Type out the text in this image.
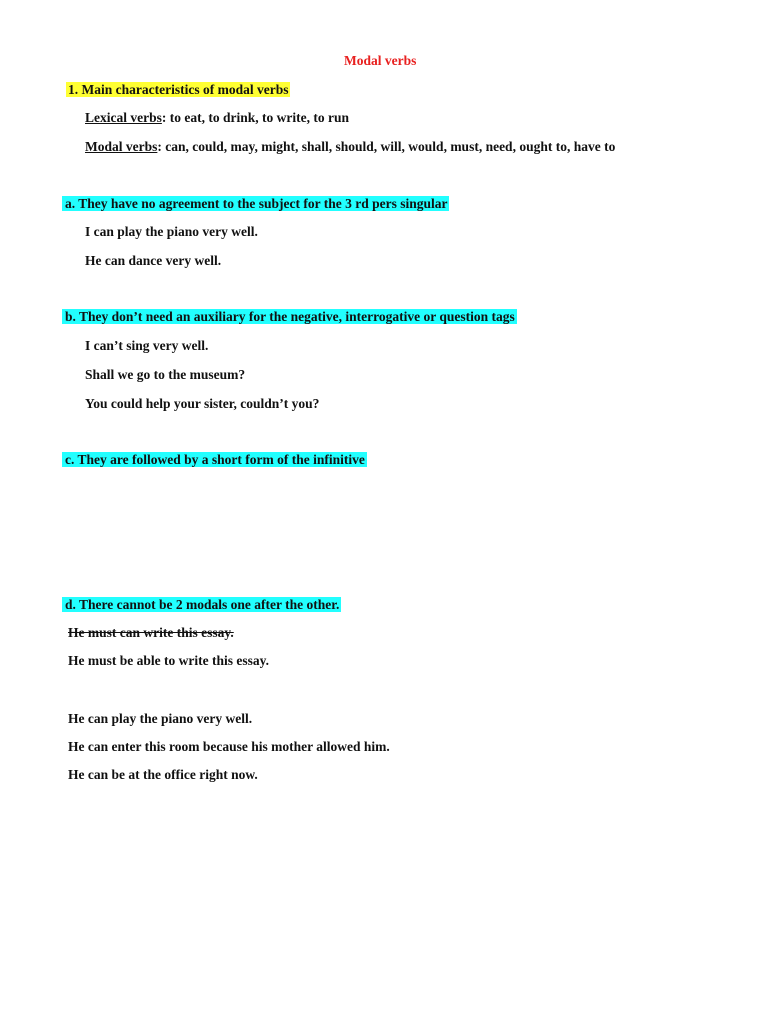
Modal verbs
1. Main characteristics of modal verbs
Lexical verbs: to eat, to drink, to write, to run
Modal verbs: can, could, may, might, shall, should, will, would, must, need, ought to, have to
a. They have no agreement to the subject for the 3 rd pers singular
I can play the piano very well.
He can dance very well.
b. They don’t need an auxiliary for the negative, interrogative or question tags
I can’t sing very well.
Shall we go to the museum?
You could help your sister, couldn’t you?
c. They are followed by a short form of the infinitive
d. There cannot be 2 modals one after the other.
He must can write this essay.
He must be able to write this essay.
He can play the piano very well.
He can enter this room because his mother allowed him.
He can be at the office right now.
